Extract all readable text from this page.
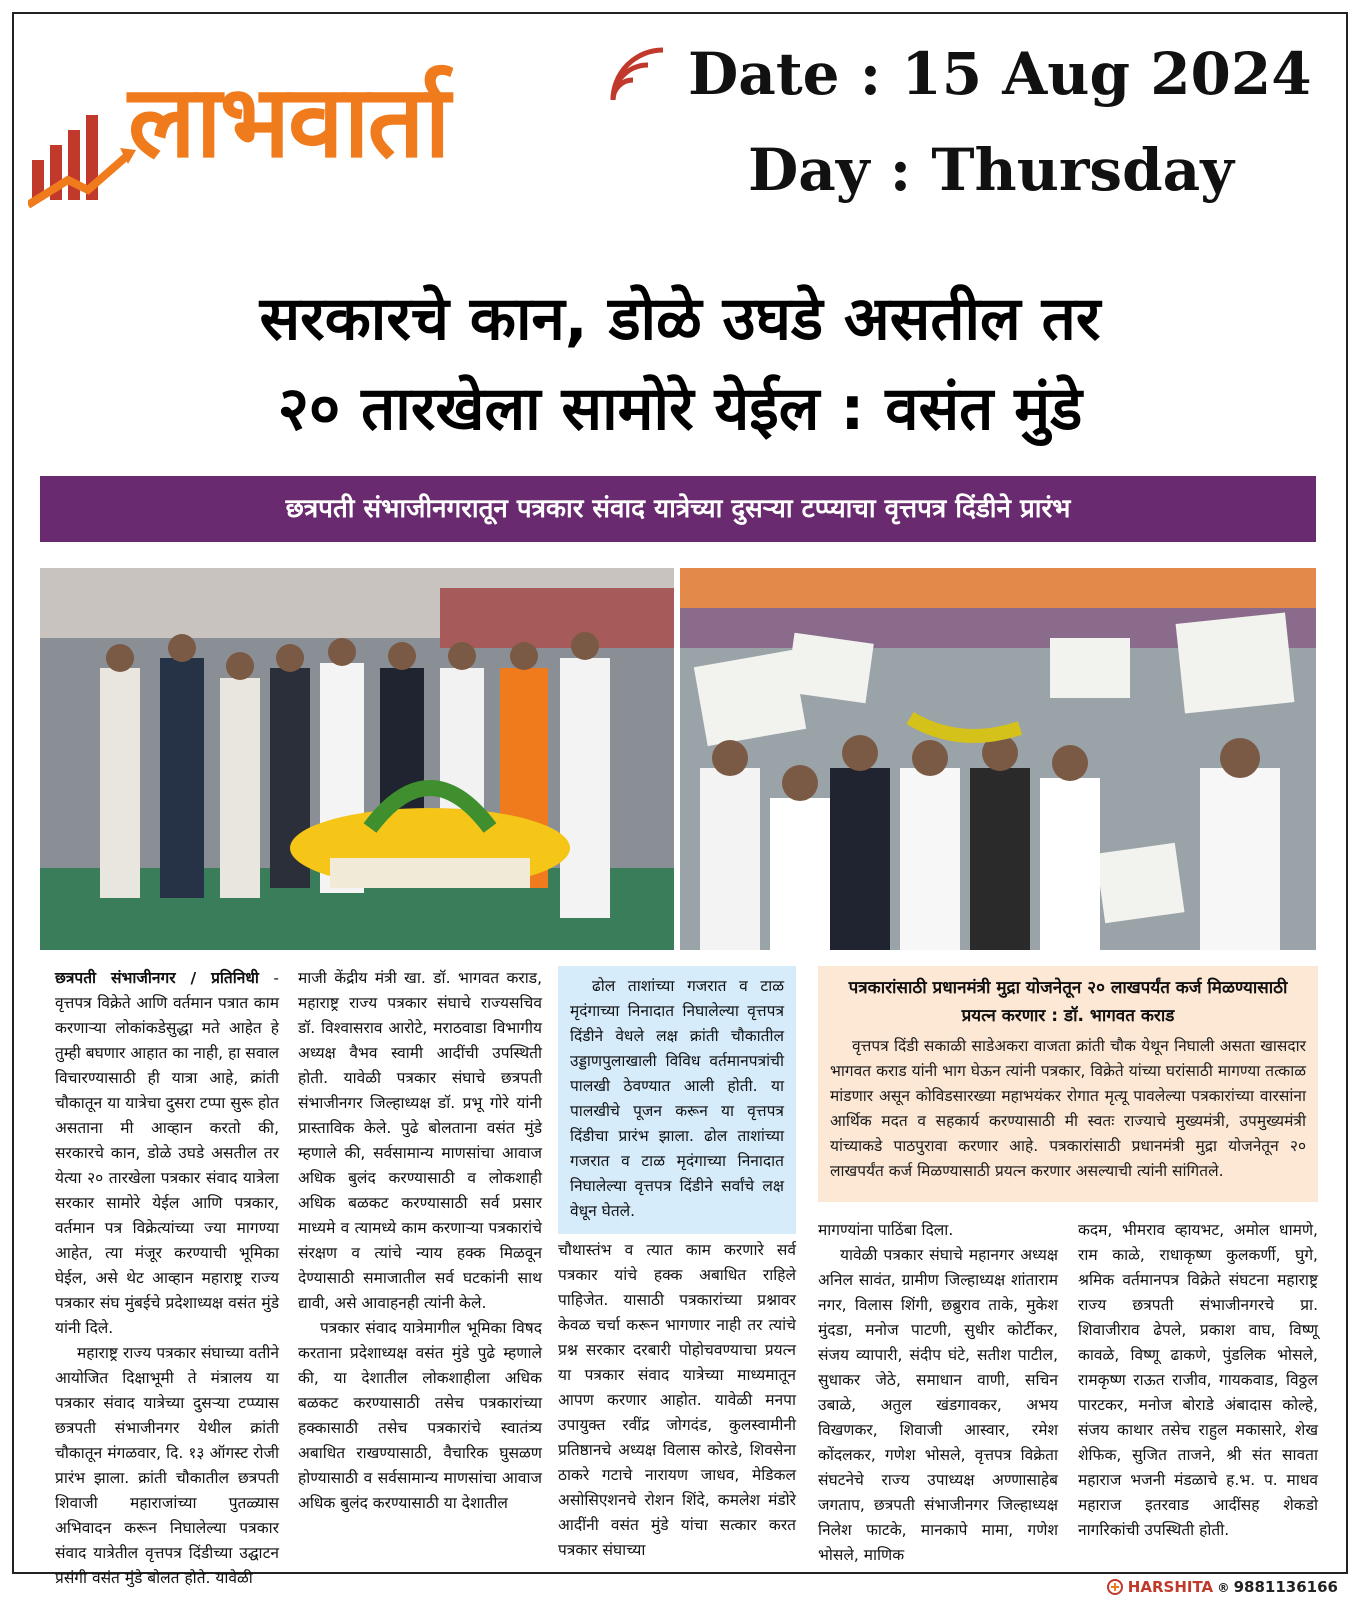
लाभवार्ता	Date : 15 Aug 2024
Day : Thursday
सरकारचे कान, डोळे उघडे असतील तर
२० तारखेला सामोरे येईल : वसंत मुंडे
छत्रपती संभाजीनगरातून पत्रकार संवाद यात्रेच्या दुसऱ्या टप्प्याचा वृत्तपत्र दिंडीने प्रारंभ

छत्रपती संभाजीनगर / प्रतिनिधी - वृत्तपत्र विक्रेते आणि वर्तमान पत्रात काम करणाऱ्या लोकांकडेसुद्धा मते आहेत हे तुम्ही बघणार आहात का नाही, हा सवाल विचारण्यासाठी ही यात्रा आहे, क्रांती चौकातून या यात्रेचा दुसरा टप्पा सुरू होत असताना मी आव्हान करतो की, सरकारचे कान, डोळे उघडे असतील तर येत्या २० तारखेला पत्रकार संवाद यात्रेला सरकार सामोरे येईल आणि पत्रकार, वर्तमान पत्र विक्रेत्यांच्या ज्या मागण्या आहेत, त्या मंजूर करण्याची भूमिका घेईल, असे थेट आव्हान महाराष्ट्र राज्य पत्रकार संघ मुंबईचे प्रदेशाध्यक्ष वसंत मुंडे यांनी दिले.

महाराष्ट्र राज्य पत्रकार संघाच्या वतीने आयोजित दिक्षाभूमी ते मंत्रालय या पत्रकार संवाद यात्रेच्या दुसऱ्या टप्प्यास छत्रपती संभाजीनगर येथील क्रांती चौकातून मंगळवार, दि. १३ ऑगस्ट रोजी प्रारंभ झाला. क्रांती चौकातील छत्रपती शिवाजी महाराजांच्या पुतळ्यास अभिवादन करून निघालेल्या पत्रकार संवाद यात्रेतील वृत्तपत्र दिंडीच्या उद्घाटन प्रसंगी वसंत मुंडे बोलत होते. यावेळी

माजी केंद्रीय मंत्री खा. डॉ. भागवत कराड, महाराष्ट्र राज्य पत्रकार संघाचे राज्यसचिव डॉ. विश्वासराव आरोटे, मराठवाडा विभागीय अध्यक्ष वैभव स्वामी आदींची उपस्थिती होती. यावेळी पत्रकार संघाचे छत्रपती संभाजीनगर जिल्हाध्यक्ष डॉ. प्रभू गोरे यांनी प्रास्ताविक केले. पुढे बोलताना वसंत मुंडे म्हणाले की, सर्वसामान्य माणसांचा आवाज अधिक बुलंद करण्यासाठी व लोकशाही अधिक बळकट करण्यासाठी सर्व प्रसार माध्यमे व त्यामध्ये काम करणाऱ्या पत्रकारांचे संरक्षण व त्यांचे न्याय हक्क मिळवून देण्यासाठी समाजातील सर्व घटकांनी साथ द्यावी, असे आवाहनही त्यांनी केले.

पत्रकार संवाद यात्रेमागील भूमिका विषद करताना प्रदेशाध्यक्ष वसंत मुंडे पुढे म्हणाले की, या देशातील लोकशाहीला अधिक बळकट करण्यासाठी तसेच पत्रकारांच्या हक्कासाठी तसेच पत्रकारांचे स्वातंत्र्य अबाधित राखण्यासाठी, वैचारिक घुसळण होण्यासाठी व सर्वसामान्य माणसांचा आवाज अधिक बुलंद करण्यासाठी या देशातील

ढोल ताशांच्या गजरात व टाळ मृदंगाच्या निनादात निघालेल्या वृत्तपत्र दिंडीने वेधले लक्ष क्रांती चौकातील उड्डाणपुलाखाली विविध वर्तमानपत्रांची पालखी ठेवण्यात आली होती. या पालखीचे पूजन करून या वृत्तपत्र दिंडीचा प्रारंभ झाला. ढोल ताशांच्या गजरात व टाळ मृदंगाच्या निनादात निघालेल्या वृत्तपत्र दिंडीने सर्वांचे लक्ष वेधून घेतले.

चौथास्तंभ व त्यात काम करणारे सर्व पत्रकार यांचे हक्क अबाधित राहिले पाहिजेत. यासाठी पत्रकारांच्या प्रश्नावर केवळ चर्चा करून भागणार नाही तर त्यांचे प्रश्न सरकार दरबारी पोहोचवण्याचा प्रयत्न या पत्रकार संवाद यात्रेच्या माध्यमातून आपण करणार आहोत. यावेळी मनपा उपायुक्त रवींद्र जोगदंड, कुलस्वामीनी प्रतिष्ठानचे अध्यक्ष विलास कोरडे, शिवसेना ठाकरे गटाचे नारायण जाधव, मेडिकल असोसिएशनचे रोशन शिंदे, कमलेश मंडोरे आदींनी वसंत मुंडे यांचा सत्कार करत पत्रकार संघाच्या

पत्रकारांसाठी प्रधानमंत्री मुद्रा योजनेतून २० लाखपर्यंत कर्ज मिळण्यासाठी प्रयत्न करणार : डॉ. भागवत कराड

वृत्तपत्र दिंडी सकाळी साडेअकरा वाजता क्रांती चौक येथून निघाली असता खासदार भागवत कराड यांनी भाग घेऊन त्यांनी पत्रकार, विक्रेते यांच्या घरांसाठी मागण्या तत्काळ मांडणार असून कोविडसारख्या महाभयंकर रोगात मृत्यू पावलेल्या पत्रकारांच्या वारसांना आर्थिक मदत व सहकार्य करण्यासाठी मी स्वतः राज्याचे मुख्यमंत्री, उपमुख्यमंत्री यांच्याकडे पाठपुरावा करणार आहे. पत्रकारांसाठी प्रधानमंत्री मुद्रा योजनेतून २० लाखपर्यंत कर्ज मिळण्यासाठी प्रयत्न करणार असल्याची त्यांनी सांगितले.

मागण्यांना पाठिंबा दिला.

यावेळी पत्रकार संघाचे महानगर अध्यक्ष अनिल सावंत, ग्रामीण जिल्हाध्यक्ष शांताराम नगर, विलास शिंगी, छब्रुराव ताके, मुकेश मुंदडा, मनोज पाटणी, सुधीर कोर्टीकर, संजय व्यापारी, संदीप घंटे, सतीश पाटील, सुधाकर जेठे, समाधान वाणी, सचिन उबाळे, अतुल खंडगावकर, अभय विखणकर, शिवाजी आस्वार, रमेश कोंदलकर, गणेश भोसले, वृत्तपत्र विक्रेता संघटनेचे राज्य उपाध्यक्ष अण्णासाहेब जगताप, छत्रपती संभाजीनगर जिल्हाध्यक्ष निलेश फाटके, मानकापे मामा, गणेश भोसले, माणिक

कदम, भीमराव व्हायभट, अमोल धामणे, राम काळे, राधाकृष्ण कुलकर्णी, घुगे, श्रमिक वर्तमानपत्र विक्रेते संघटना महाराष्ट्र राज्य छत्रपती संभाजीनगरचे प्रा. शिवाजीराव ढेपले, प्रकाश वाघ, विष्णू कावळे, विष्णू ढाकणे, पुंडलिक भोसले, रामकृष्ण राऊत राजीव, गायकवाड, विठ्ठल पारटकर, मनोज बोराडे अंबादास कोल्हे, संजय काथार तसेच राहुल मकासारे, शेख शेफिक, सुजित ताजने, श्री संत सावता महाराज भजनी मंडळाचे ह.भ. प. माधव महाराज इतरवाड आदींसह शेकडो नागरिकांची उपस्थिती होती.

HARSHITA ® 9881136166
